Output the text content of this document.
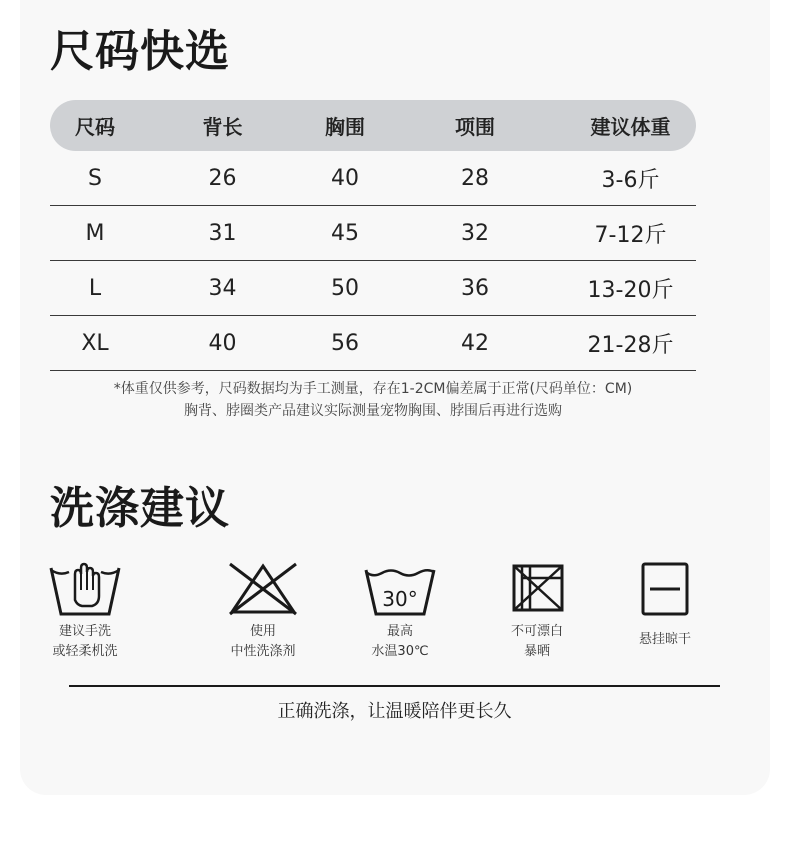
尺码快选
尺码	背长	胸围	项围	建议体重
S	26	40	28	3-6斤
M	31	45	32	7-12斤
L	34	50	36	13-20斤
XL	40	56	42	21-28斤
*体重仅供参考，尺码数据均为手工测量，存在1-2CM偏差属于正常(尺码单位：CM)
胸背、脖圈类产品建议实际测量宠物胸围、脖围后再进行选购
洗涤建议
建议手洗
或轻柔机洗
使用
中性洗涤剂
30°
最高
水温30℃
不可漂白
暴晒
悬挂晾干
正确洗涤，让温暖陪伴更长久
